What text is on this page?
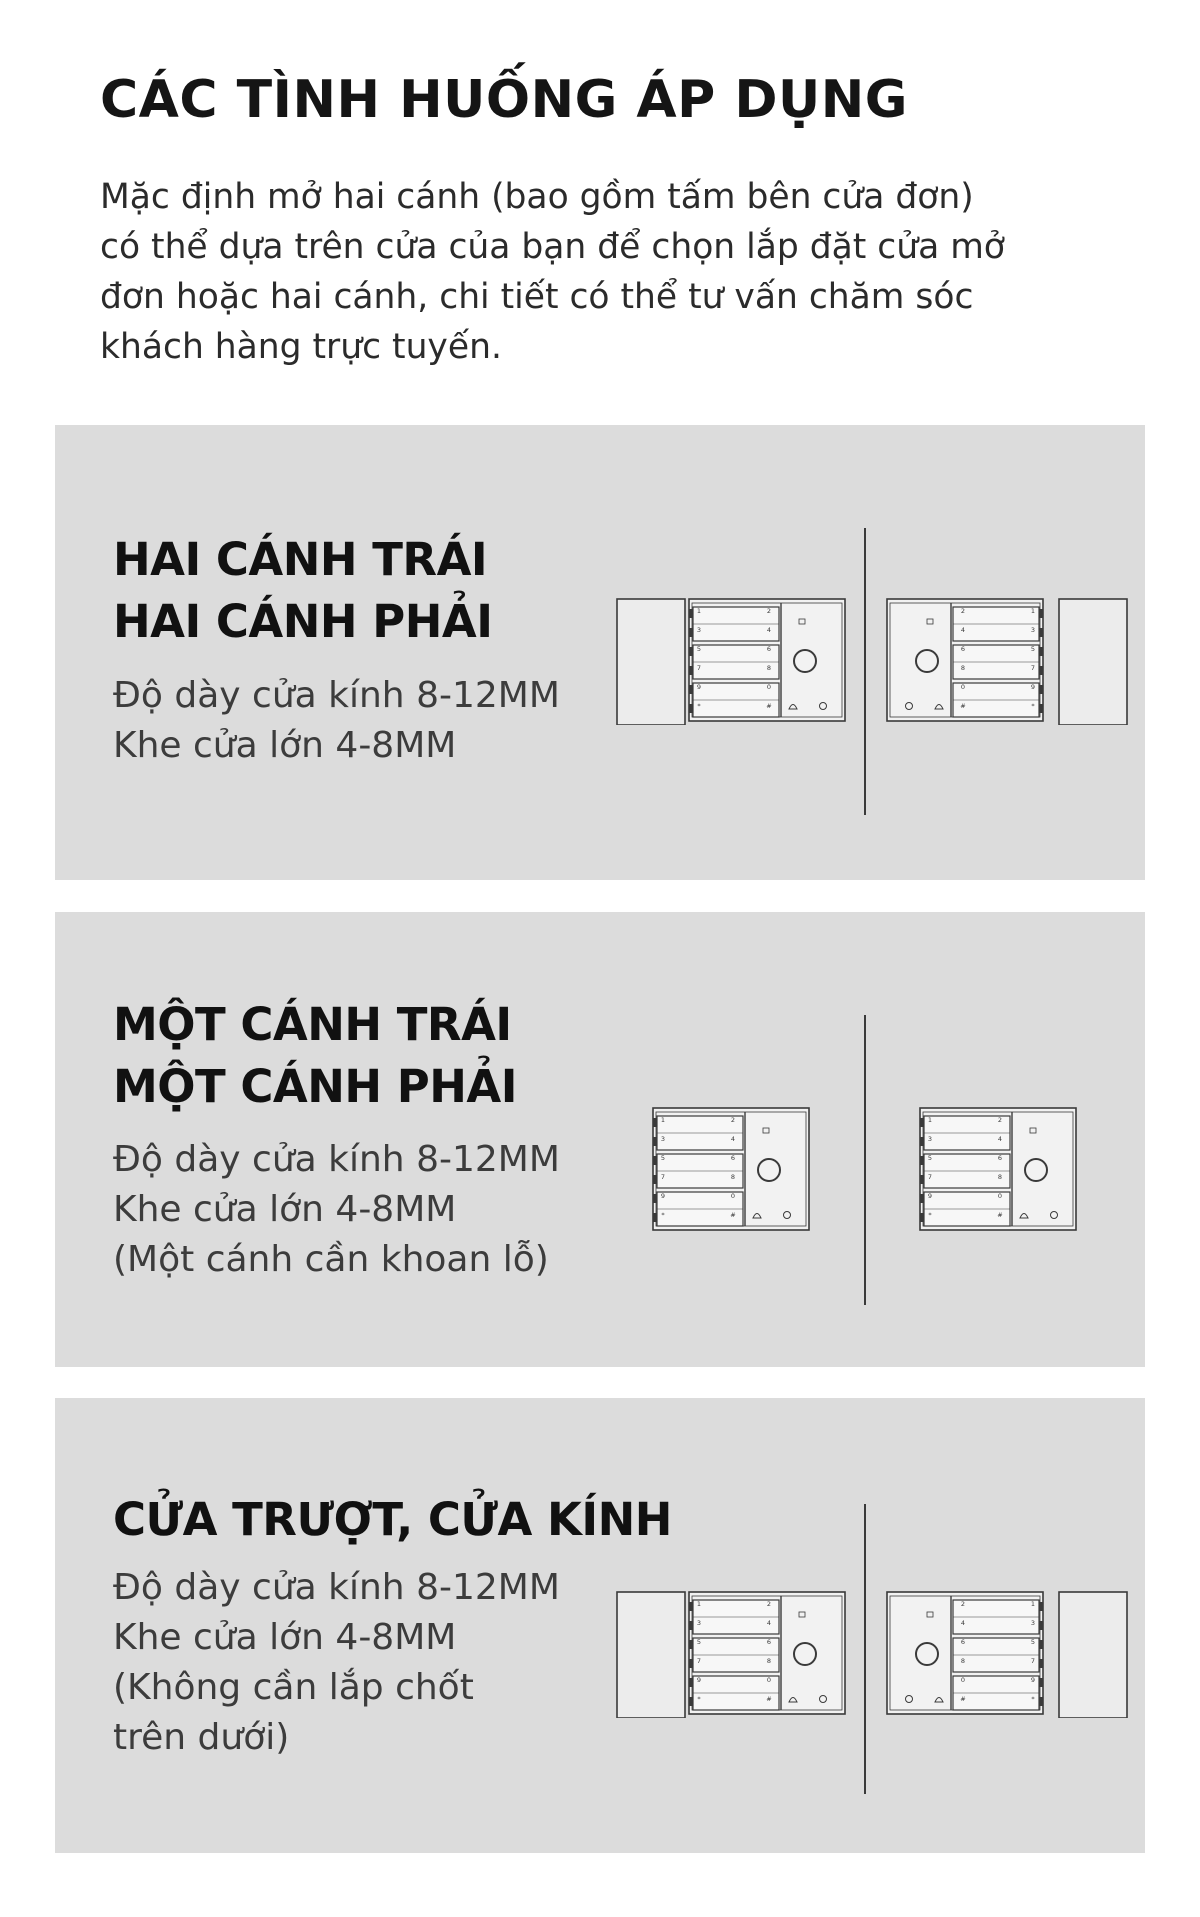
CÁC TÌNH HUỐNG ÁP DỤNG

Mặc định mở hai cánh (bao gồm tấm bên cửa đơn)
có thể dựa trên cửa của bạn để chọn lắp đặt cửa mở
đơn hoặc hai cánh, chi tiết có thể tư vấn chăm sóc
khách hàng trực tuyến.

HAI CÁNH TRÁI
HAI CÁNH PHẢI

Độ dày cửa kính 8-12MM
Khe cửa lớn 4-8MM

1	2
3	4
5	6
7	8
9	0
*	#
1
2
3
4
5
6
7
8
9
0
*
#
MỘT CÁNH TRÁI
MỘT CÁNH PHẢI

Độ dày cửa kính 8-12MM
Khe cửa lớn 4-8MM
(Một cánh cần khoan lỗ)

1	2
3	4
5	6
7	8
9	0
*	#
1	2
3	4
5	6
7	8
9	0
*	#
CỬA TRƯỢT, CỬA KÍNH

Độ dày cửa kính 8-12MM
Khe cửa lớn 4-8MM
(Không cần lắp chốt
trên dưới)

1	2
3	4
5	6
7	8
9	0
*	#
1
2
3
4
5
6
7
8
9
0
*
#
